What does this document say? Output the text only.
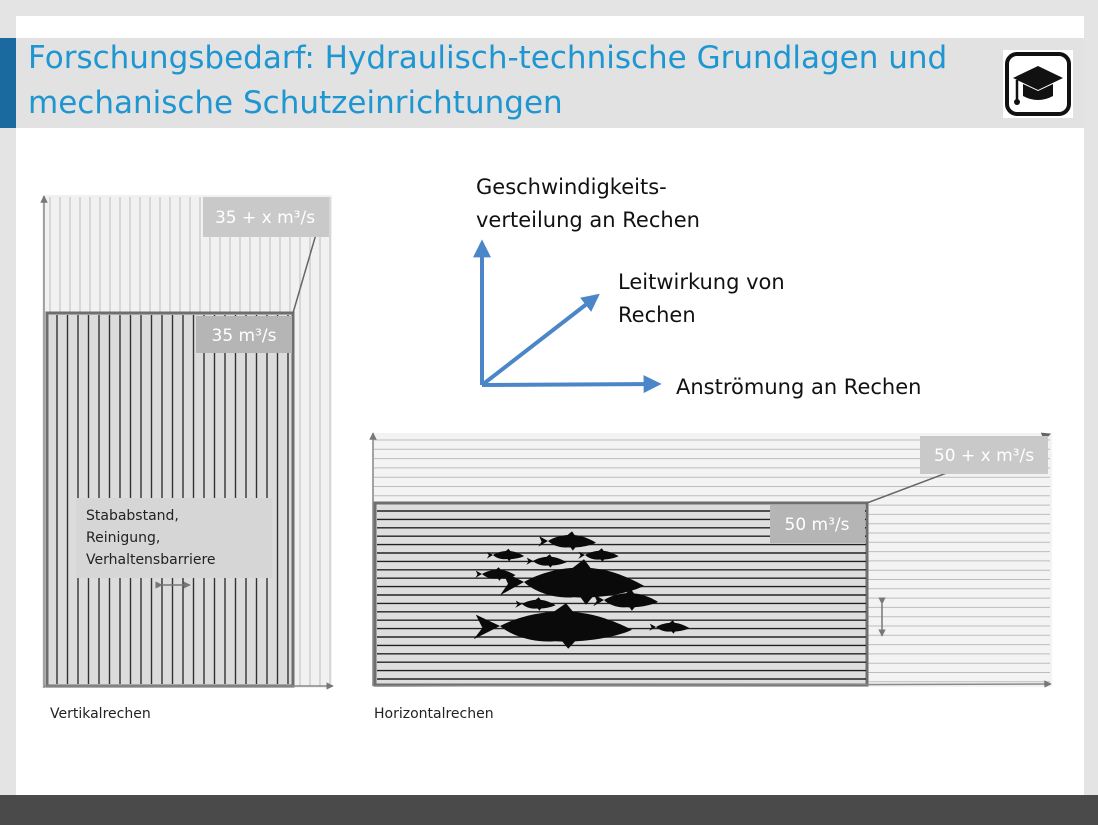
Forschungsbedarf: Hydraulisch-technische Grundlagen und
mechanische Schutzeinrichtungen
35 + x m³/s
35 m³/s
Stababstand,
Reinigung,
Verhaltensbarriere
Vertikalrechen
Geschwindigkeits-
verteilung an Rechen
Leitwirkung von
Rechen
Anströmung an Rechen
50 + x m³/s
50 m³/s
Horizontalrechen
